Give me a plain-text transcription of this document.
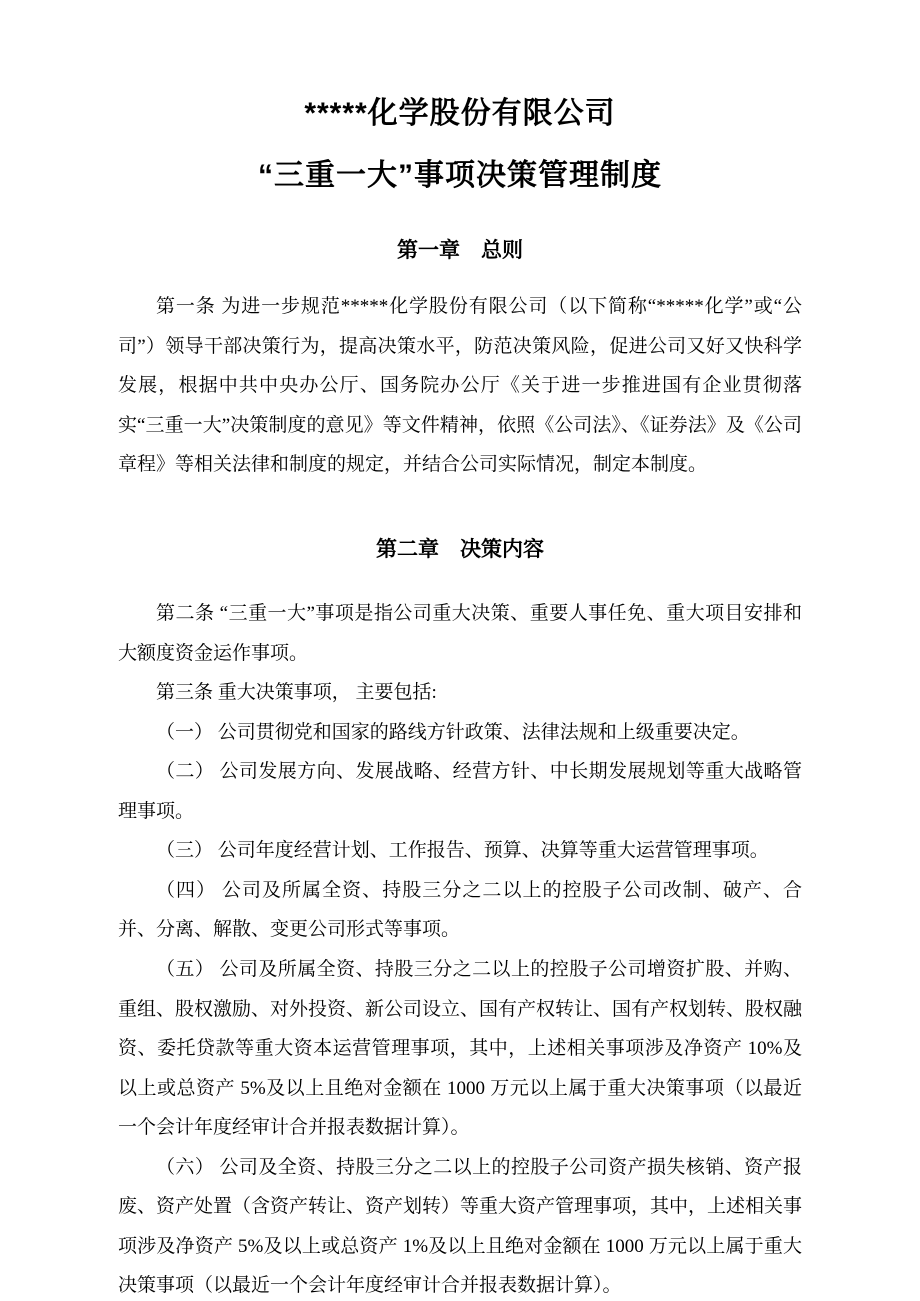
*****化学股份有限公司
“三重一大”事项决策管理制度
第一章　总则

第一条 为进一步规范*****化学股份有限公司（以下简称“*****化学”或“公司”）领导干部决策行为，提高决策水平，防范决策风险，促进公司又好又快科学发展，根据中共中央办公厅、国务院办公厅《关于进一步推进国有企业贯彻落实“三重一大”决策制度的意见》等文件精神，依照《公司法》、《证券法》及《公司章程》等相关法律和制度的规定，并结合公司实际情况，制定本制度。

第二章　决策内容

第二条 “三重一大”事项是指公司重大决策、重要人事任免、重大项目安排和大额度资金运作事项。

第三条 重大决策事项， 主要包括:

（一） 公司贯彻党和国家的路线方针政策、法律法规和上级重要决定。

（二） 公司发展方向、发展战略、经营方针、中长期发展规划等重大战略管理事项。

（三） 公司年度经营计划、工作报告、预算、决算等重大运营管理事项。

（四） 公司及所属全资、持股三分之二以上的控股子公司改制、破产、合并、分离、解散、变更公司形式等事项。

（五） 公司及所属全资、持股三分之二以上的控股子公司增资扩股、并购、重组、股权激励、对外投资、新公司设立、国有产权转让、国有产权划转、股权融资、委托贷款等重大资本运营管理事项，其中，上述相关事项涉及净资产 10%及以上或总资产 5%及以上且绝对金额在 1000 万元以上属于重大决策事项（以最近一个会计年度经审计合并报表数据计算）。

（六） 公司及全资、持股三分之二以上的控股子公司资产损失核销、资产报废、资产处置（含资产转让、资产划转）等重大资产管理事项，其中，上述相关事项涉及净资产 5%及以上或总资产 1%及以上且绝对金额在 1000 万元以上属于重大决策事项（以最近一个会计年度经审计合并报表数据计算）。
